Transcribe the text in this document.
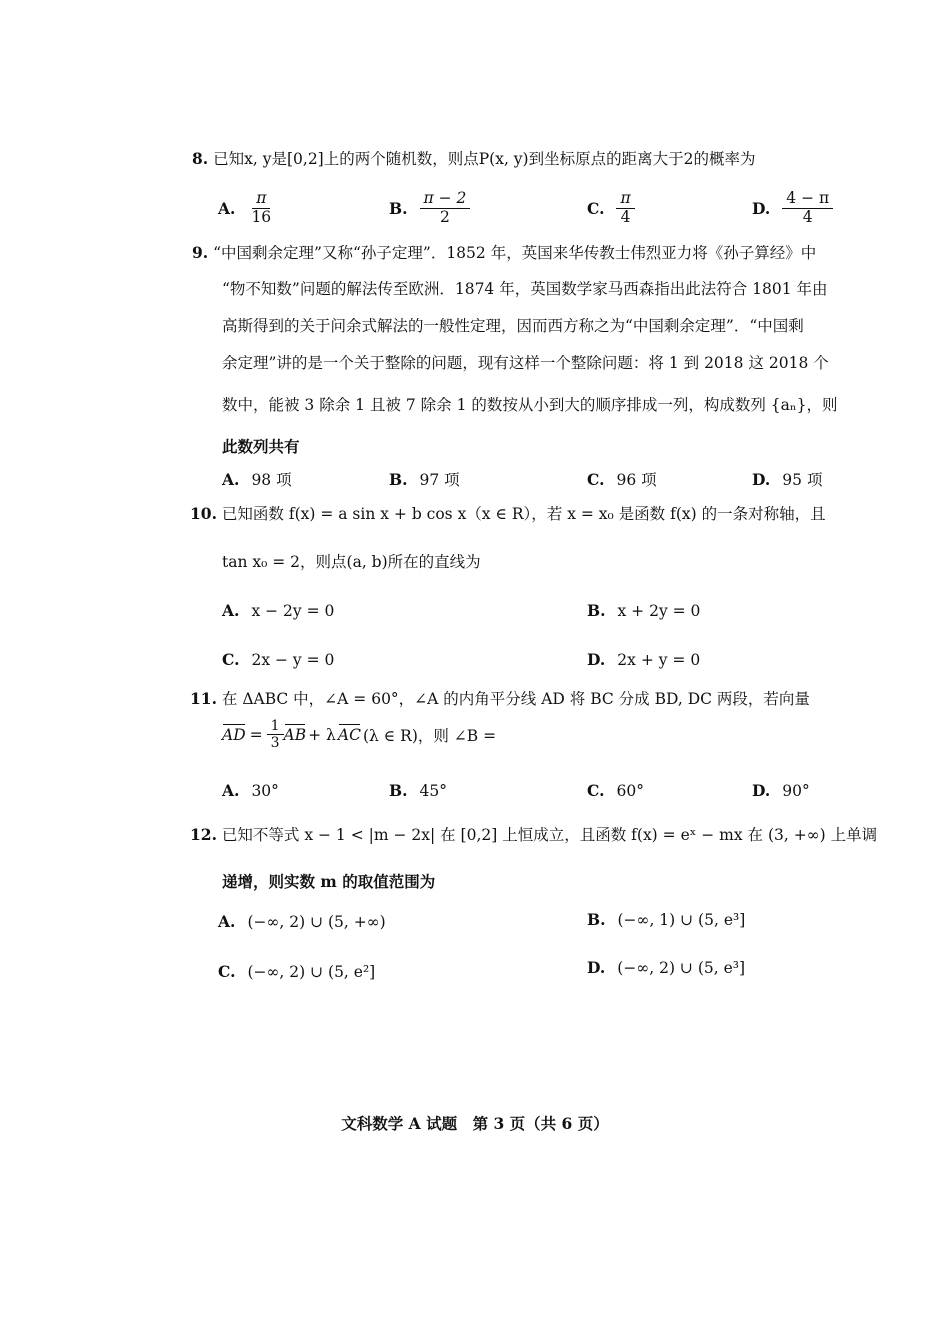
8. 已知x, y是[0,2]上的两个随机数，则点P(x, y)到坐标原点的距离大于2的概率为
A. $\frac{\pi}{16}$	B. $\frac{\pi - 2}{2}$	C. $\frac{\pi}{4}$	D. $\frac{4 - \pi}{4}$
9. “中国剩余定理”又称“孙子定理”．1852 年，英国来华传教士伟烈亚力将《孙子算经》中
“物不知数”问题的解法传至欧洲．1874 年，英国数学家马西森指出此法符合 1801 年由
高斯得到的关于问余式解法的一般性定理，因而西方称之为“中国剩余定理”．“中国剩
余定理”讲的是一个关于整除的问题，现有这样一个整除问题：将 1 到 2018 这 2018 个
数中，能被 3 除余 1 且被 7 除余 1 的数按从小到大的顺序排成一列，构成数列 {aₙ}，则
此数列共有
A. 98 项	B. 97 项	C. 96 项	D. 95 项
10. 已知函数 f(x) = a sin x + b cos x（x ∈ R），若 x = x₀ 是函数 f(x) 的一条对称轴，且
tan x₀ = 2，则点(a, b)所在的直线为
A. x − 2y = 0	B. x + 2y = 0
C. 2x − y = 0	D. 2x + y = 0
11. 在 ΔABC 中，∠A = 60°，∠A 的内角平分线 AD 将 BC 分成 BD, DC 两段，若向量
AD = $\frac{1}{3}$ AB + λ AC (λ ∈ R)，则 ∠B =
A. 30°	B. 45°	C. 60°	D. 90°
12. 已知不等式 x − 1 < |m − 2x| 在 [0,2] 上恒成立，且函数 f(x) = eˣ − mx 在 (3, +∞) 上单调
递增，则实数 m 的取值范围为
A. (−∞, 2) ∪ (5, +∞)	B. (−∞, 1) ∪ (5, e³]
C. (−∞, 2) ∪ (5, e²]	D. (−∞, 2) ∪ (5, e³]
文科数学 A 试题　第 3 页（共 6 页）
